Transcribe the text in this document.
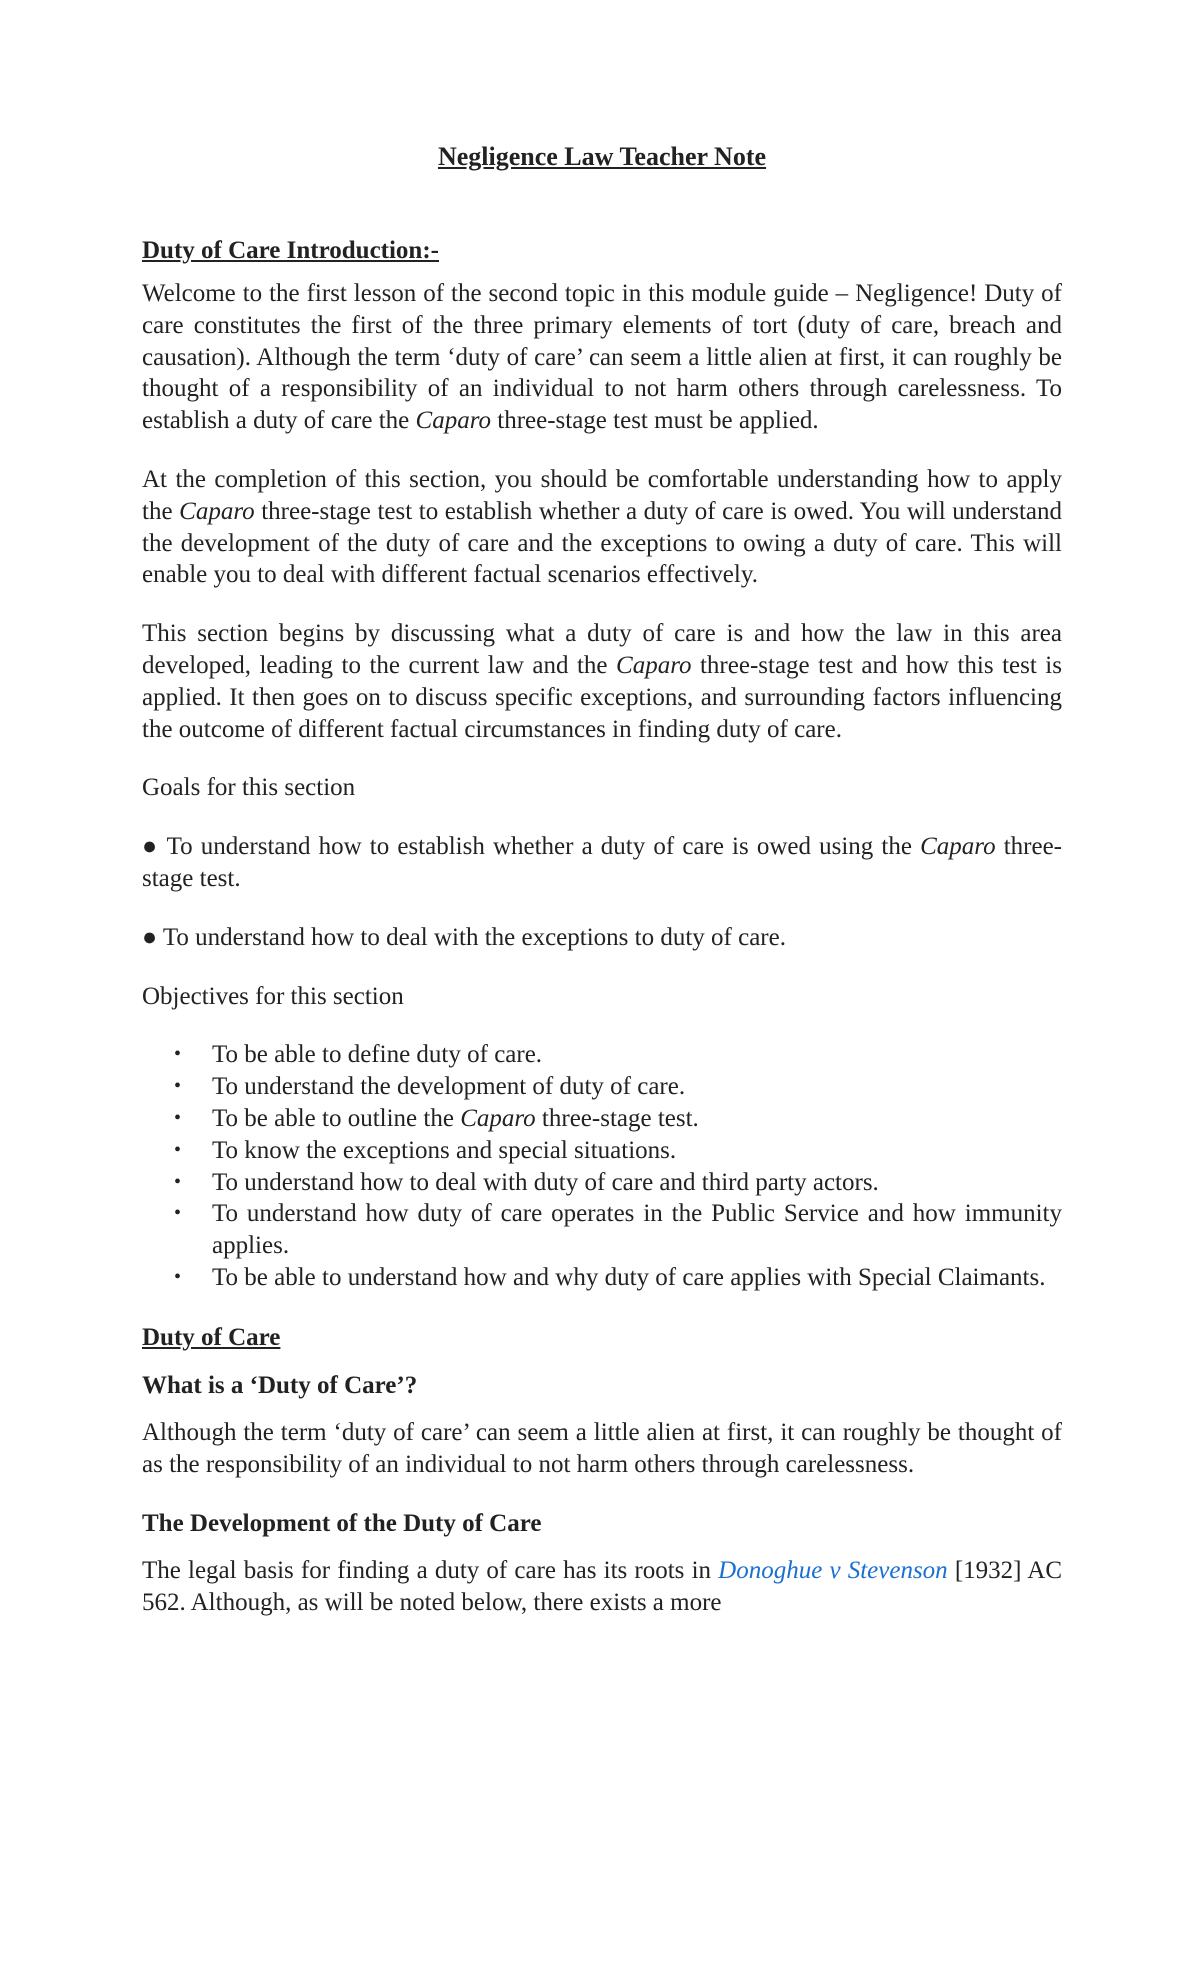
Negligence Law Teacher Note
Duty of Care Introduction:-

Welcome to the first lesson of the second topic in this module guide – Negligence! Duty of care constitutes the first of the three primary elements of tort (duty of care, breach and causation). Although the term ‘duty of care’ can seem a little alien at first, it can roughly be thought of a responsibility of an individual to not harm others through carelessness. To establish a duty of care the Caparo three-stage test must be applied.

At the completion of this section, you should be comfortable understanding how to apply the Caparo three-stage test to establish whether a duty of care is owed. You will understand the development of the duty of care and the exceptions to owing a duty of care. This will enable you to deal with different factual scenarios effectively.

This section begins by discussing what a duty of care is and how the law in this area developed, leading to the current law and the Caparo three-stage test and how this test is applied. It then goes on to discuss specific exceptions, and surrounding factors influencing the outcome of different factual circumstances in finding duty of care.

Goals for this section

● To understand how to establish whether a duty of care is owed using the Caparo three-stage test.

● To understand how to deal with the exceptions to duty of care.

Objectives for this section

• To be able to define duty of care.
• To understand the development of duty of care.
• To be able to outline the Caparo three-stage test.
• To know the exceptions and special situations.
• To understand how to deal with duty of care and third party actors.
• To understand how duty of care operates in the Public Service and how immunity applies.
• To be able to understand how and why duty of care applies with Special Claimants.
Duty of Care
What is a ‘Duty of Care’?

Although the term ‘duty of care’ can seem a little alien at first, it can roughly be thought of as the responsibility of an individual to not harm others through carelessness.

The Development of the Duty of Care

The legal basis for finding a duty of care has its roots in Donoghue v Stevenson [1932] AC 562. Although, as will be noted below, there exists a more
